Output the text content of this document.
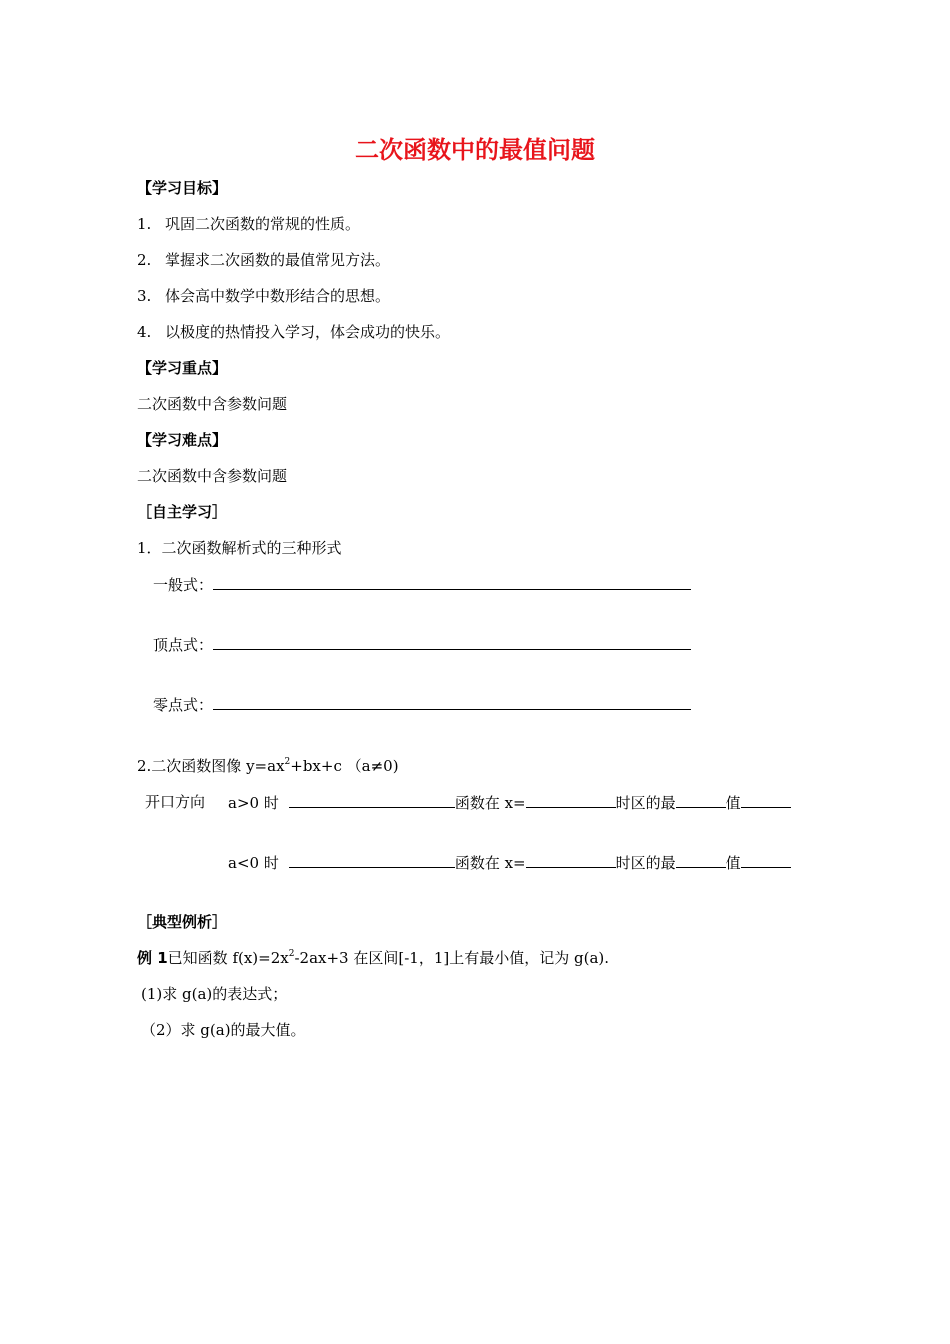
二次函数中的最值问题
【学习目标】
1. 巩固二次函数的常规的性质。
2. 掌握求二次函数的最值常见方法。
3. 体会高中数学中数形结合的思想。
4. 以极度的热情投入学习，体会成功的快乐。
【学习重点】
二次函数中含参数问题
【学习难点】
二次函数中含参数问题
［自主学习］
1．二次函数解析式的三种形式
一般式：
顶点式：
零点式：
2.二次函数图像 $y=ax^2+bx+c$ （a≠0)
开口方向 a>0 时	函数在 x=	时区的最	值
a<0 时	函数在 x=	时区的最	值
［典型例析］
例 1已知函数 $f(x)=2x^2-2ax+3$ 在区间[-1，1]上有最小值，记为 g(a).
(1)求 g(a)的表达式；
（2）求 g(a)的最大值。
